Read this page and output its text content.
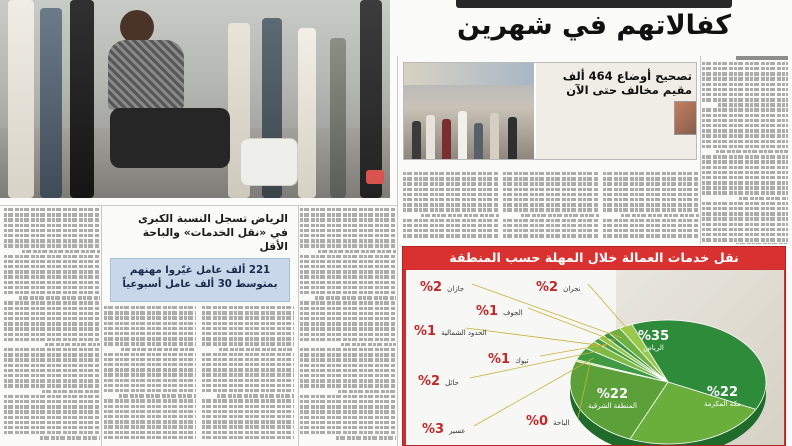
كفالاتهم في شهرين
تصحيح أوضاع 464 ألف
مقيم مخالف حتى الآن
الرياض تسجل النسبة الكبرى
في «نقل الخدمات» والباحة الأقل
221 ألف عامل غيّروا مهنهم
بمتوسط 30 ألف عامل أسبوعياً
نقل خدمات العمالة خلال المهلة حسب المنطقة
%35
الرياض
%22
مكة المكرمة
%22
المنطقة الشرقية
الباحة %0
عسير %3
حائل %2
الحدود الشمالية %1
تبوك %1
الجوف %1
جازان %2	نجران %2
